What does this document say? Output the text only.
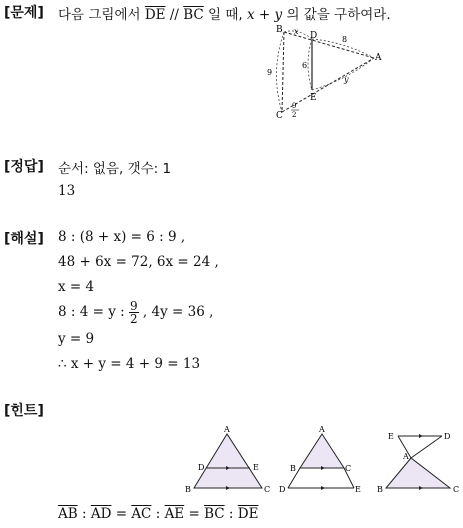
[문제] 다음 그림에서 $\overline{DE} // \overline{BC}$ 일 때, x + y 의 값을 구하여라.
B
D
A
E
C
x
8
9
6
y
9
2
[정답] 순서: 없음, 갯수: 1
13
[해설] 8 : (8 + x) = 6 : 9 ,
48 + 6x = 72, 6x = 24 ,
x = 4
8 : 4 = y : $\frac{9}{2}$ , 4y = 36 ,
y = 9
∴ x + y = 4 + 9 = 13
[힌트]
A
D	E
B	C
A
B	C
D	E
E	D
A
B	C
$\overline{AB}$ : $\overline{AD} = \overline{AC}$ : $\overline{AE} = \overline{BC}$ : $\overline{DE}$
